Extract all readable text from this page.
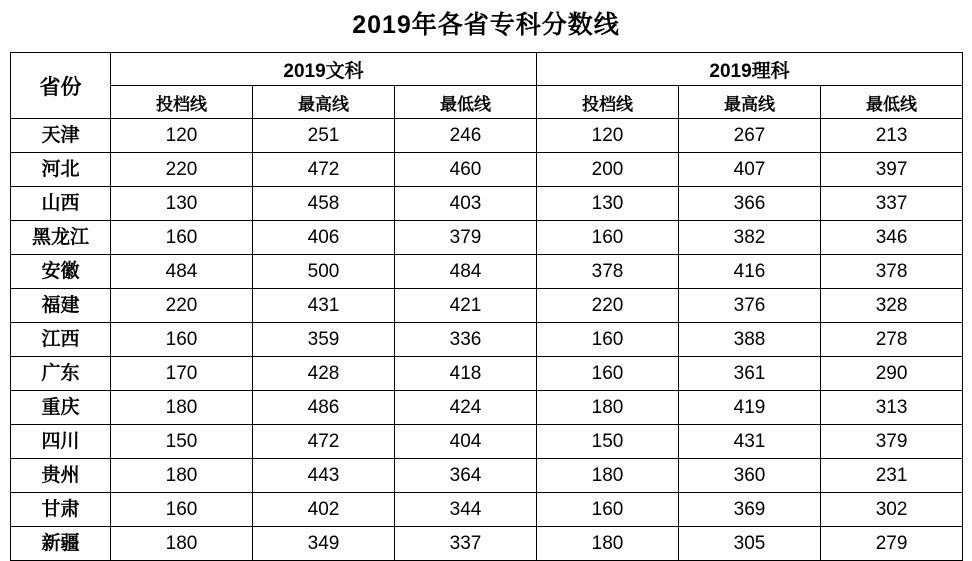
2019年各省专科分数线
省份	2019文科			2019理科		
	投档线	最高线	最低线	投档线	最高线	最低线
天津	120	251	246	120	267	213
河北	220	472	460	200	407	397
山西	130	458	403	130	366	337
黑龙江	160	406	379	160	382	346
安徽	484	500	484	378	416	378
福建	220	431	421	220	376	328
江西	160	359	336	160	388	278
广东	170	428	418	160	361	290
重庆	180	486	424	180	419	313
四川	150	472	404	150	431	379
贵州	180	443	364	180	360	231
甘肃	160	402	344	160	369	302
新疆	180	349	337	180	305	279
